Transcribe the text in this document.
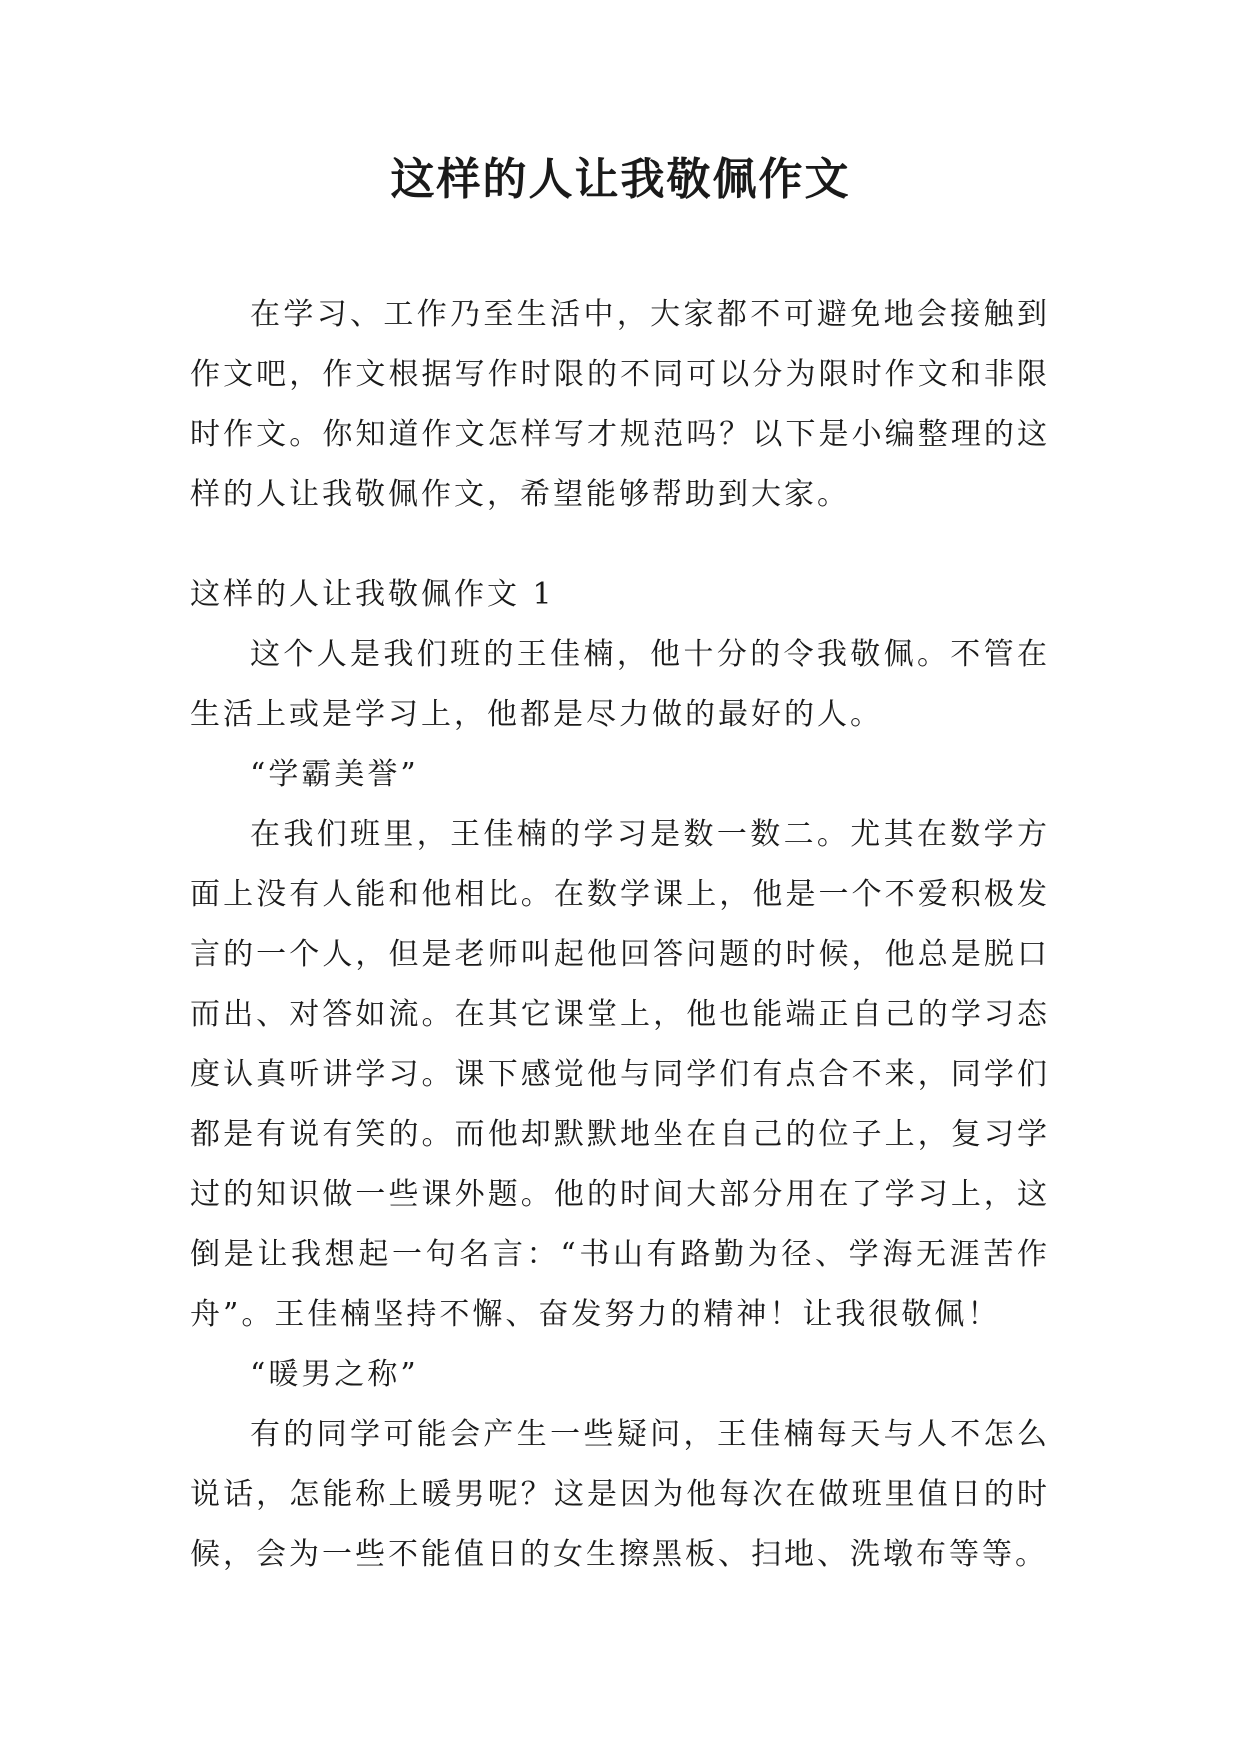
这样的人让我敬佩作文

在学习、工作乃至生活中，大家都不可避免地会接触到作文吧，作文根据写作时限的不同可以分为限时作文和非限时作文。你知道作文怎样写才规范吗？以下是小编整理的这样的人让我敬佩作文，希望能够帮助到大家。

这样的人让我敬佩作文 1

这个人是我们班的王佳楠，他十分的令我敬佩。不管在生活上或是学习上，他都是尽力做的最好的人。

“学霸美誉”

在我们班里，王佳楠的学习是数一数二。尤其在数学方面上没有人能和他相比。在数学课上，他是一个不爱积极发言的一个人，但是老师叫起他回答问题的时候，他总是脱口而出、对答如流。在其它课堂上，他也能端正自己的学习态度认真听讲学习。课下感觉他与同学们有点合不来，同学们都是有说有笑的。而他却默默地坐在自己的位子上，复习学过的知识做一些课外题。他的时间大部分用在了学习上，这倒是让我想起一句名言：“书山有路勤为径、学海无涯苦作舟”。王佳楠坚持不懈、奋发努力的精神！让我很敬佩！

“暖男之称”

有的同学可能会产生一些疑问，王佳楠每天与人不怎么说话，怎能称上暖男呢？这是因为他每次在做班里值日的时候，会为一些不能值日的女生擦黑板、扫地、洗墩布等等。
